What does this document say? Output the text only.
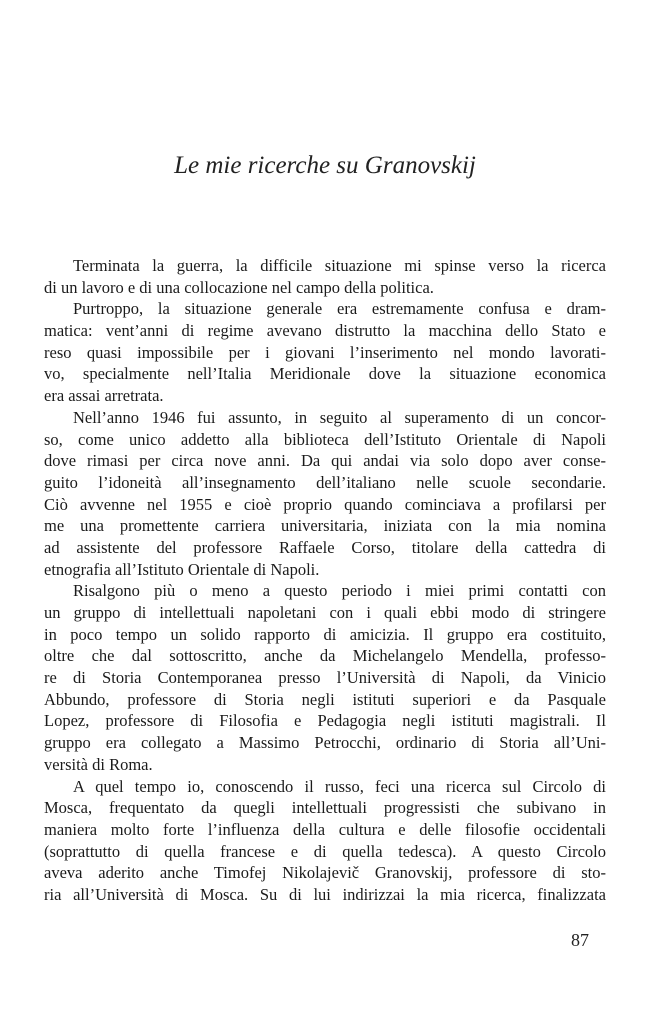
Le mie ricerche su Granovskij
Terminata la guerra, la difficile situazione mi spinse verso la ricerca
di un lavoro e di una collocazione nel campo della politica.
Purtroppo, la situazione generale era estremamente confusa e dram-
matica: vent’anni di regime avevano distrutto la macchina dello Stato e
reso quasi impossibile per i giovani l’inserimento nel mondo lavorati-
vo, specialmente nell’Italia Meridionale dove la situazione economica
era assai arretrata.
Nell’anno 1946 fui assunto, in seguito al superamento di un concor-
so, come unico addetto alla biblioteca dell’Istituto Orientale di Napoli
dove rimasi per circa nove anni. Da qui andai via solo dopo aver conse-
guito l’idoneità all’insegnamento dell’italiano nelle scuole secondarie.
Ciò avvenne nel 1955 e cioè proprio quando cominciava a profilarsi per
me una promettente carriera universitaria, iniziata con la mia nomina
ad assistente del professore Raffaele Corso, titolare della cattedra di
etnografia all’Istituto Orientale di Napoli.
Risalgono più o meno a questo periodo i miei primi contatti con
un gruppo di intellettuali napoletani con i quali ebbi modo di stringere
in poco tempo un solido rapporto di amicizia. Il gruppo era costituito,
oltre che dal sottoscritto, anche da Michelangelo Mendella, professo-
re di Storia Contemporanea presso l’Università di Napoli, da Vinicio
Abbundo, professore di Storia negli istituti superiori e da Pasquale
Lopez, professore di Filosofia e Pedagogia negli istituti magistrali. Il
gruppo era collegato a Massimo Petrocchi, ordinario di Storia all’Uni-
versità di Roma.
A quel tempo io, conoscendo il russo, feci una ricerca sul Circolo di
Mosca, frequentato da quegli intellettuali progressisti che subivano in
maniera molto forte l’influenza della cultura e delle filosofie occidentali
(soprattutto di quella francese e di quella tedesca). A questo Circolo
aveva aderito anche Timofej Nikolajevič Granovskij, professore di sto-
ria all’Università di Mosca. Su di lui indirizzai la mia ricerca, finalizzata
87
